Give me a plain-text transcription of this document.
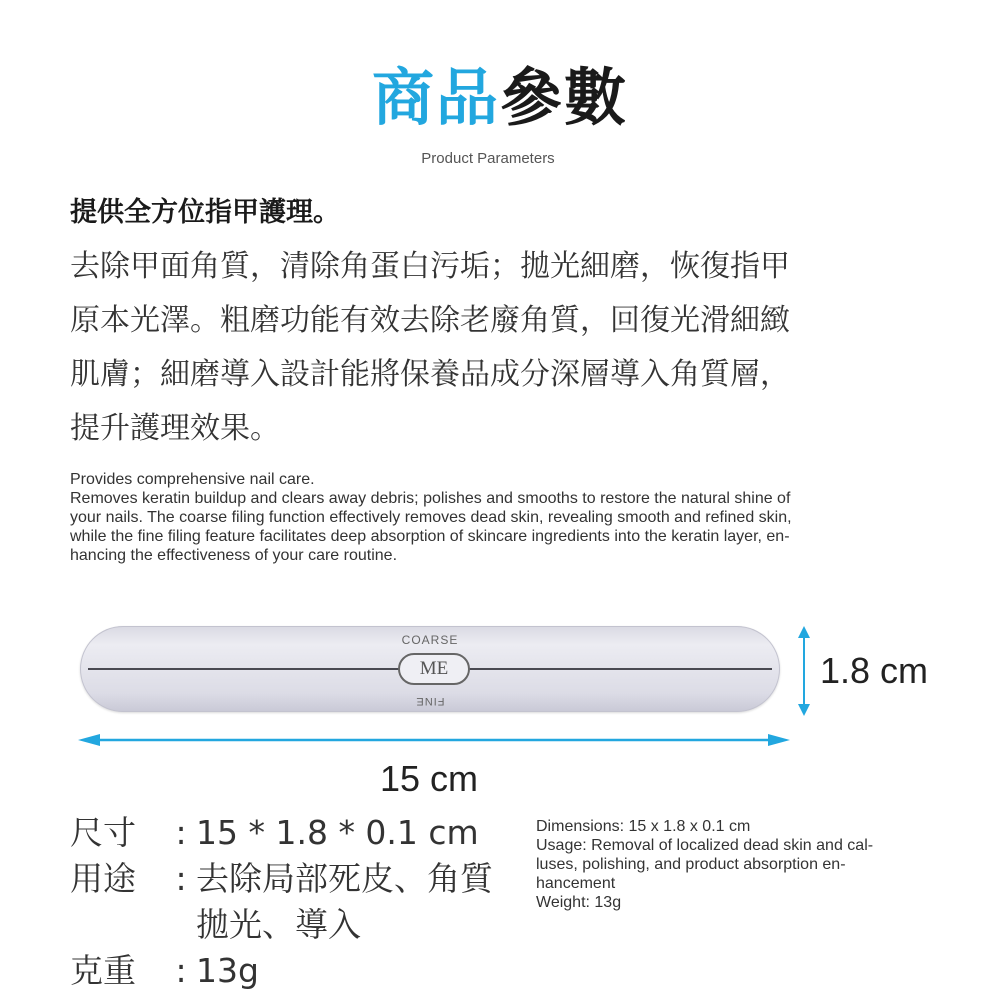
商品參數
Product Parameters
提供全方位指甲護理。
去除甲面角質，清除角蛋白污垢；拋光細磨，恢復指甲
原本光澤。粗磨功能有效去除老廢角質，回復光滑細緻
肌膚；細磨導入設計能將保養品成分深層導入角質層，
提升護理效果。
Provides comprehensive nail care.
Removes keratin buildup and clears away debris; polishes and smooths to restore the natural shine of
your nails. The coarse filing function effectively removes dead skin, revealing smooth and refined skin,
while the fine filing feature facilitates deep absorption of skincare ingredients into the keratin layer, en-
hancing the effectiveness of your care routine.
COARSE
ME
FINE
1.8 cm
15 cm
尺寸	: 15 * 1.8 * 0.1 cm
用途	: 去除局部死皮、角質
拋光、導入
克重	: 13g
Dimensions: 15 x 1.8 x 0.1 cm
Usage: Removal of localized dead skin and cal-
luses, polishing, and product absorption en-
hancement
Weight: 13g
